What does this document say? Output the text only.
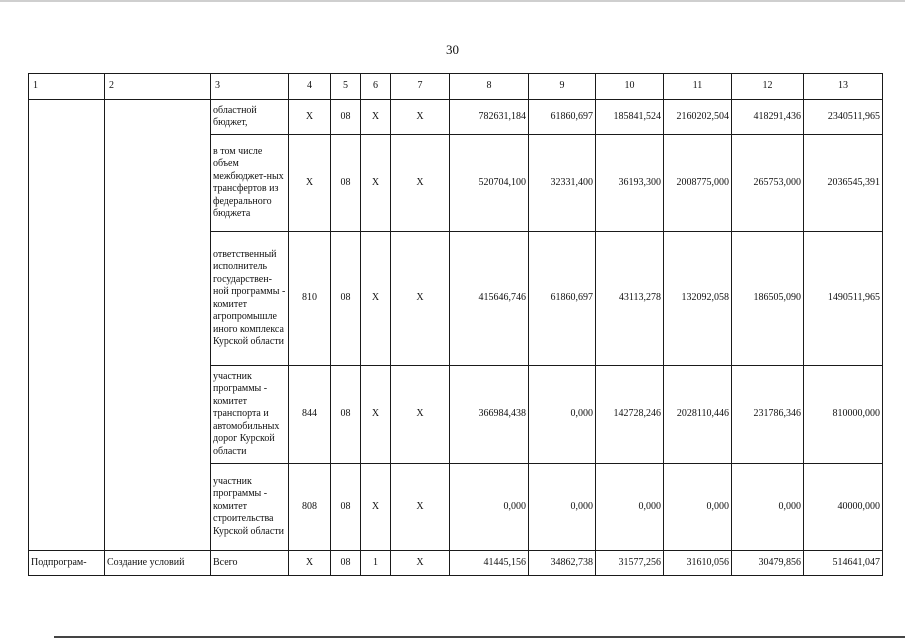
30
1	2	3	4	5	6	7	8	9	10	11	12	13
		областной бюджет,	X	08	X	X	782631,184	61860,697	185841,524	2160202,504	418291,436	2340511,965
		в том числе объем межбюджет-ных трансфертов из федерального бюджета	X	08	X	X	520704,100	32331,400	36193,300	2008775,000	265753,000	2036545,391
		ответственный исполнитель государствен-ной программы - комитет агропромышле иного комплекса Курской области	810	08	X	X	415646,746	61860,697	43113,278	132092,058	186505,090	1490511,965
		участник программы - комитет транспорта и автомобильных дорог Курской области	844	08	X	X	366984,438	0,000	142728,246	2028110,446	231786,346	810000,000
		участник программы - комитет строительства Курской области	808	08	X	X	0,000	0,000	0,000	0,000	0,000	40000,000
Подпрограм-	Создание условий	Всего	X	08	1	X	41445,156	34862,738	31577,256	31610,056	30479,856	514641,047
